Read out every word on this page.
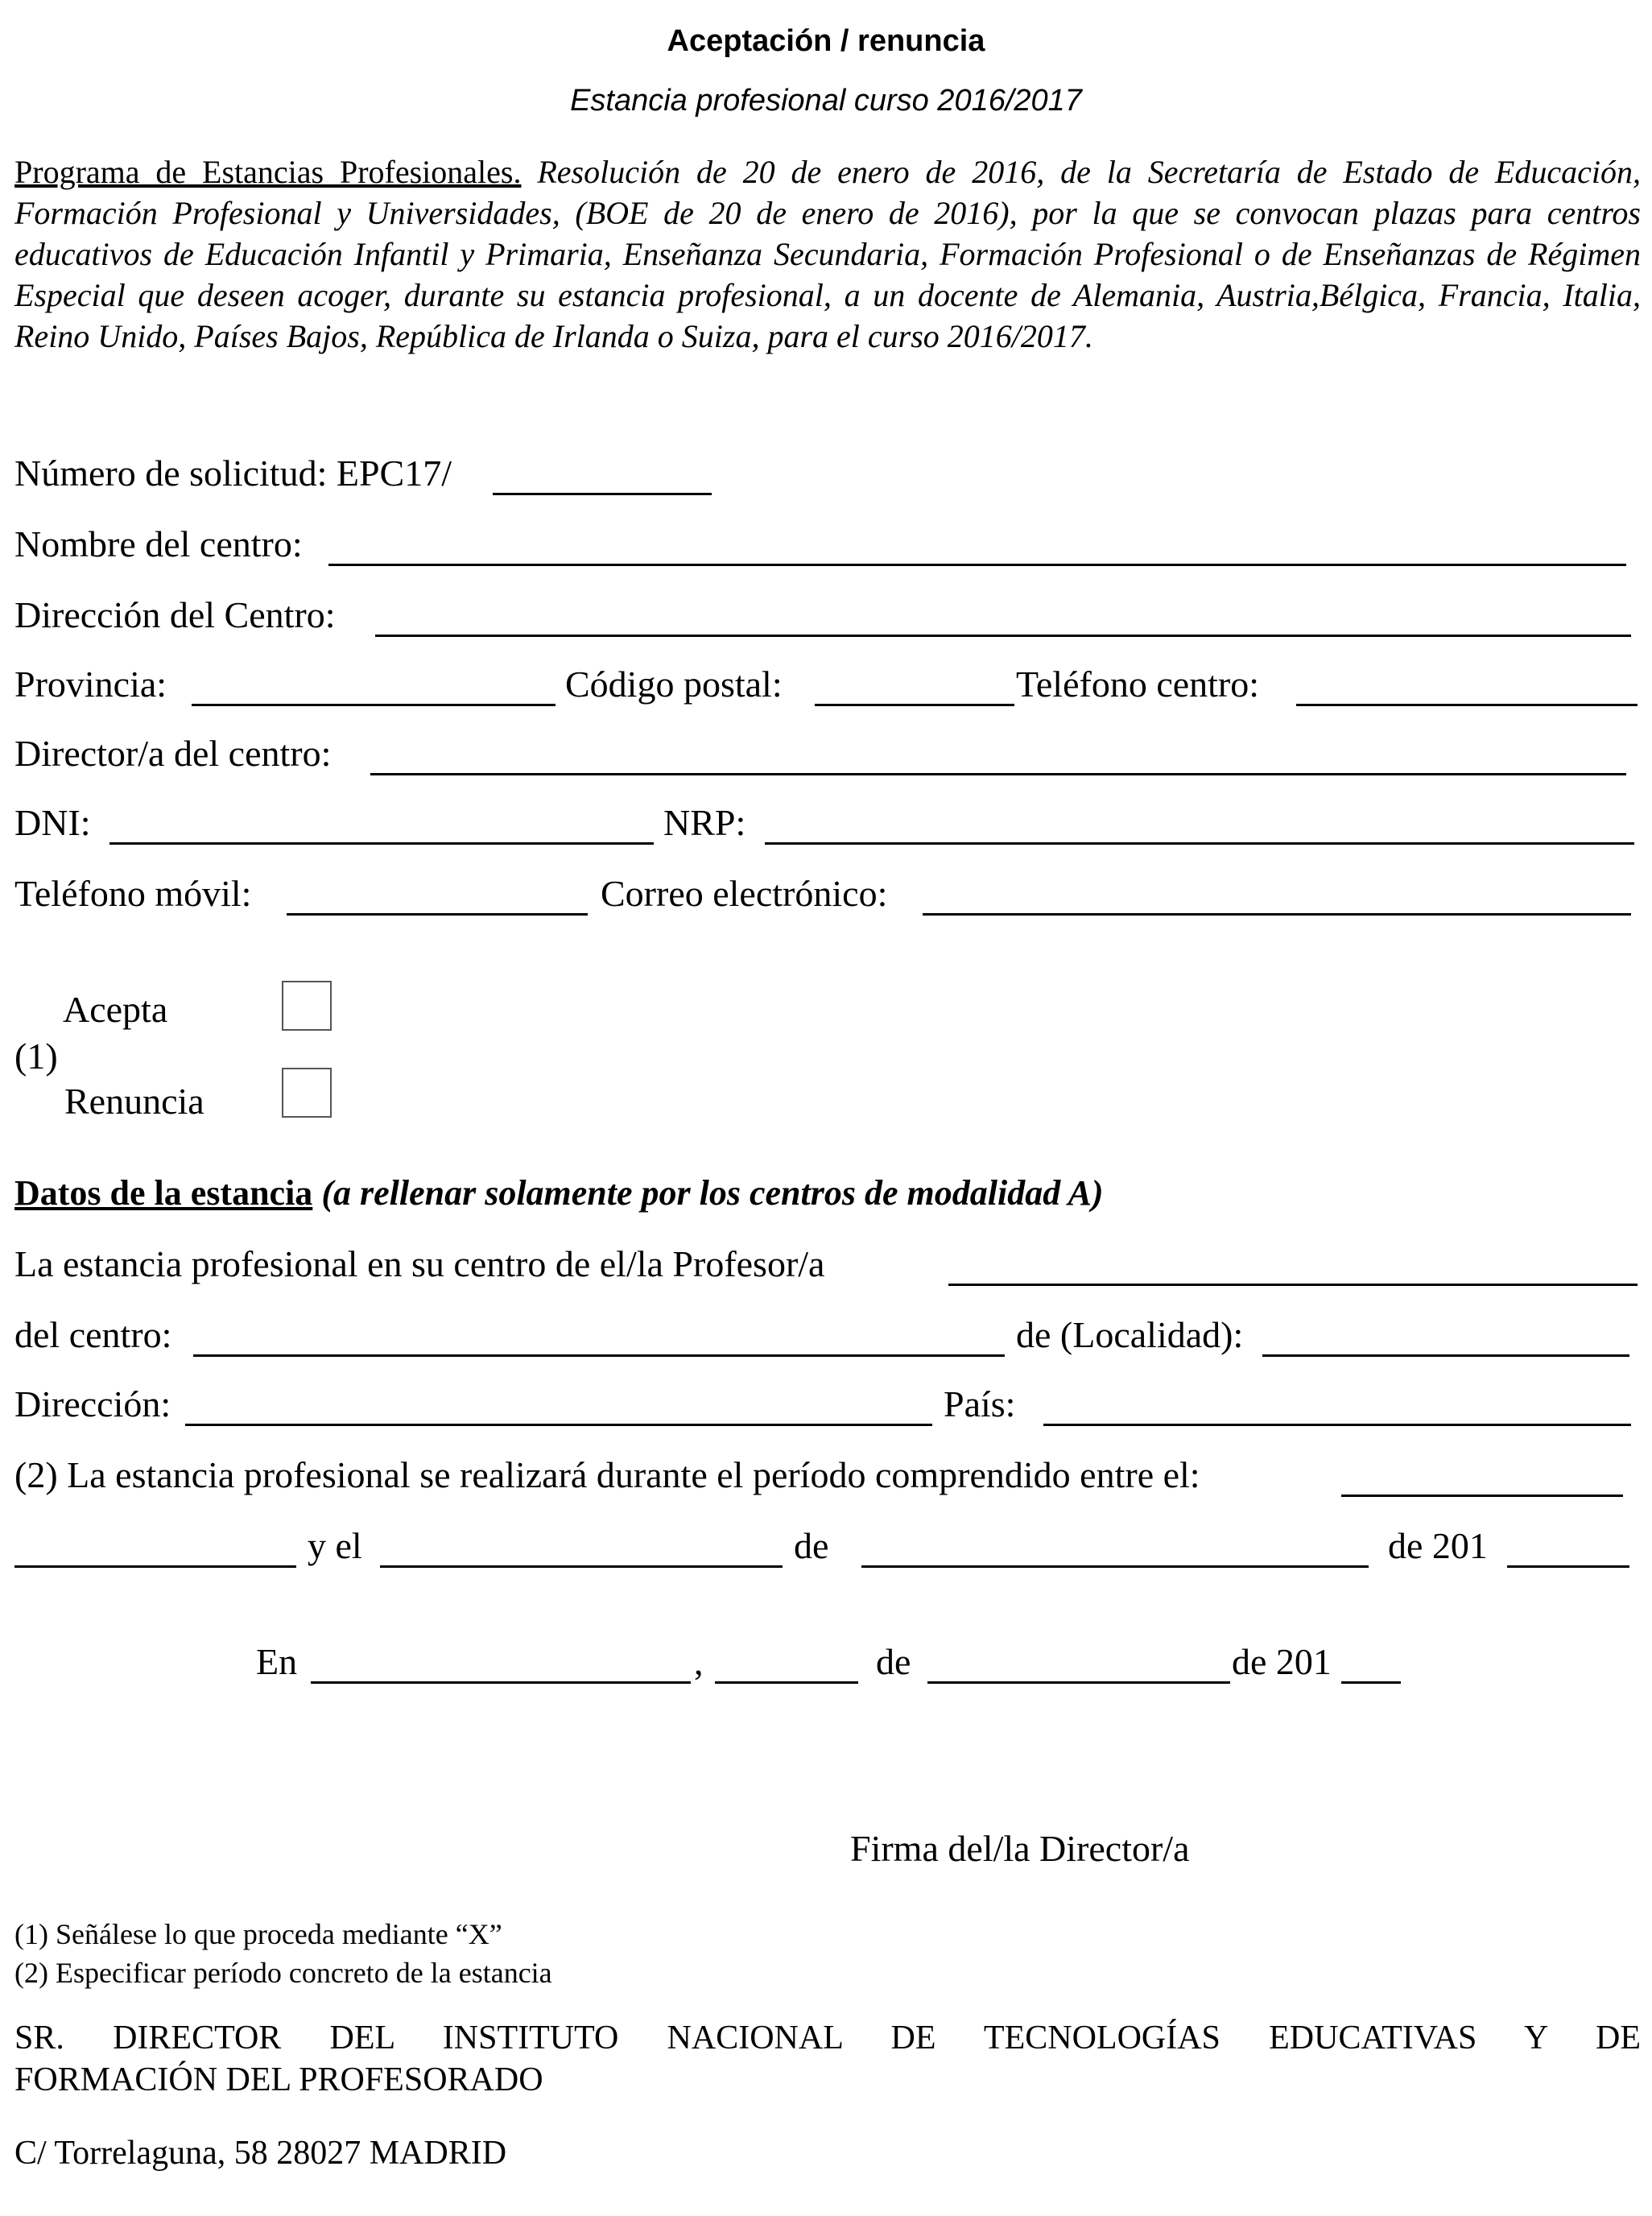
Aceptación / renuncia
Estancia profesional curso 2016/2017
Programa de Estancias Profesionales. Resolución de 20 de enero de 2016, de la Secretaría de Estado de Educación, Formación Profesional y Universidades, (BOE de 20 de enero de 2016), por la que se convocan plazas para centros educativos de Educación Infantil y Primaria, Enseñanza Secundaria, Formación Profesional o de Enseñanzas de Régimen Especial que deseen acoger, durante su estancia profesional, a un docente de Alemania, Austria,Bélgica, Francia, Italia, Reino Unido, Países Bajos, República de Irlanda o Suiza, para el curso 2016/2017.
Número de solicitud: EPC17/
Nombre del centro:
Dirección del Centro:
Provincia:	Código postal:	Teléfono centro:
Director/a del centro:
DNI:	NRP:
Teléfono móvil:	Correo electrónico:
Acepta
(1)
Renuncia
Datos de la estancia (a rellenar solamente por los centros de modalidad A)
La estancia profesional en su centro de el/la Profesor/a
del centro:	de (Localidad):
Dirección:	País:
(2) La estancia profesional se realizará durante el período comprendido entre el:
y el	de	de 201
En	,	de	de 201
Firma del/la Director/a
(1) Señálese lo que proceda mediante “X”
(2) Especificar período concreto de la estancia
SR. DIRECTOR DEL INSTITUTO NACIONAL DE TECNOLOGÍAS EDUCATIVAS Y DE
FORMACIÓN DEL PROFESORADO
C/ Torrelaguna, 58 28027 MADRID
